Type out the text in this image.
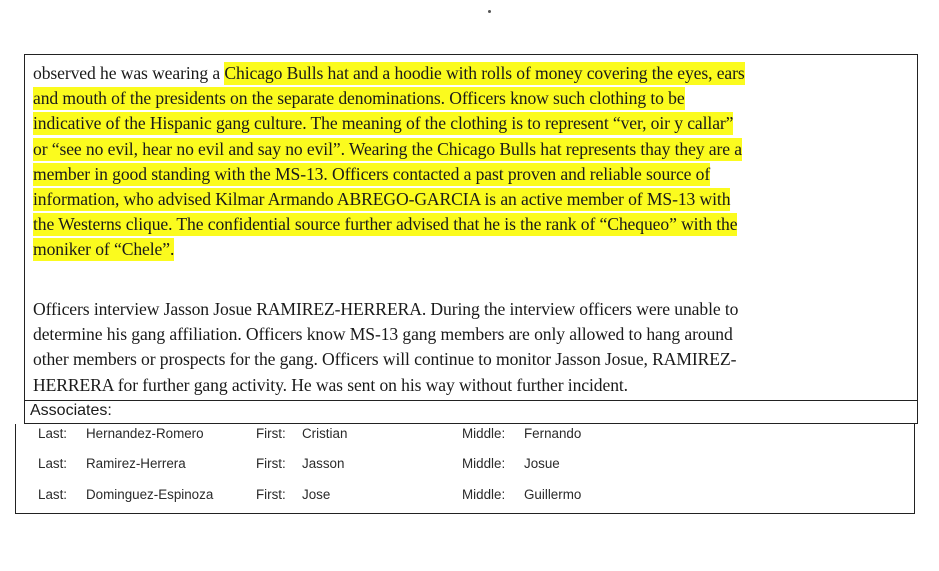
observed he was wearing a Chicago Bulls hat and a hoodie with rolls of money covering the eyes, ears
and mouth of the presidents on the separate denominations. Officers know such clothing to be
indicative of the Hispanic gang culture. The meaning of the clothing is to represent “ver, oir y callar”
or “see no evil, hear no evil and say no evil”. Wearing the Chicago Bulls hat represents thay they are a
member in good standing with the MS-13. Officers contacted a past proven and reliable source of
information, who advised Kilmar Armando ABREGO-GARCIA is an active member of MS-13 with
the Westerns clique. The confidential source further advised that he is the rank of “Chequeo” with the
moniker of “Chele”.
Officers interview Jasson Josue RAMIREZ-HERRERA. During the interview officers were unable to
determine his gang affiliation. Officers know MS-13 gang members are only allowed to hang around
other members or prospects for the gang. Officers will continue to monitor Jasson Josue, RAMIREZ-
HERRERA for further gang activity. He was sent on his way without further incident.
Associates:
Last: Hernandez-Romero	First: Cristian	Middle: Fernando
Last: Ramirez-Herrera	First: Jasson	Middle: Josue
Last: Dominguez-Espinoza	First: Jose	Middle: Guillermo
